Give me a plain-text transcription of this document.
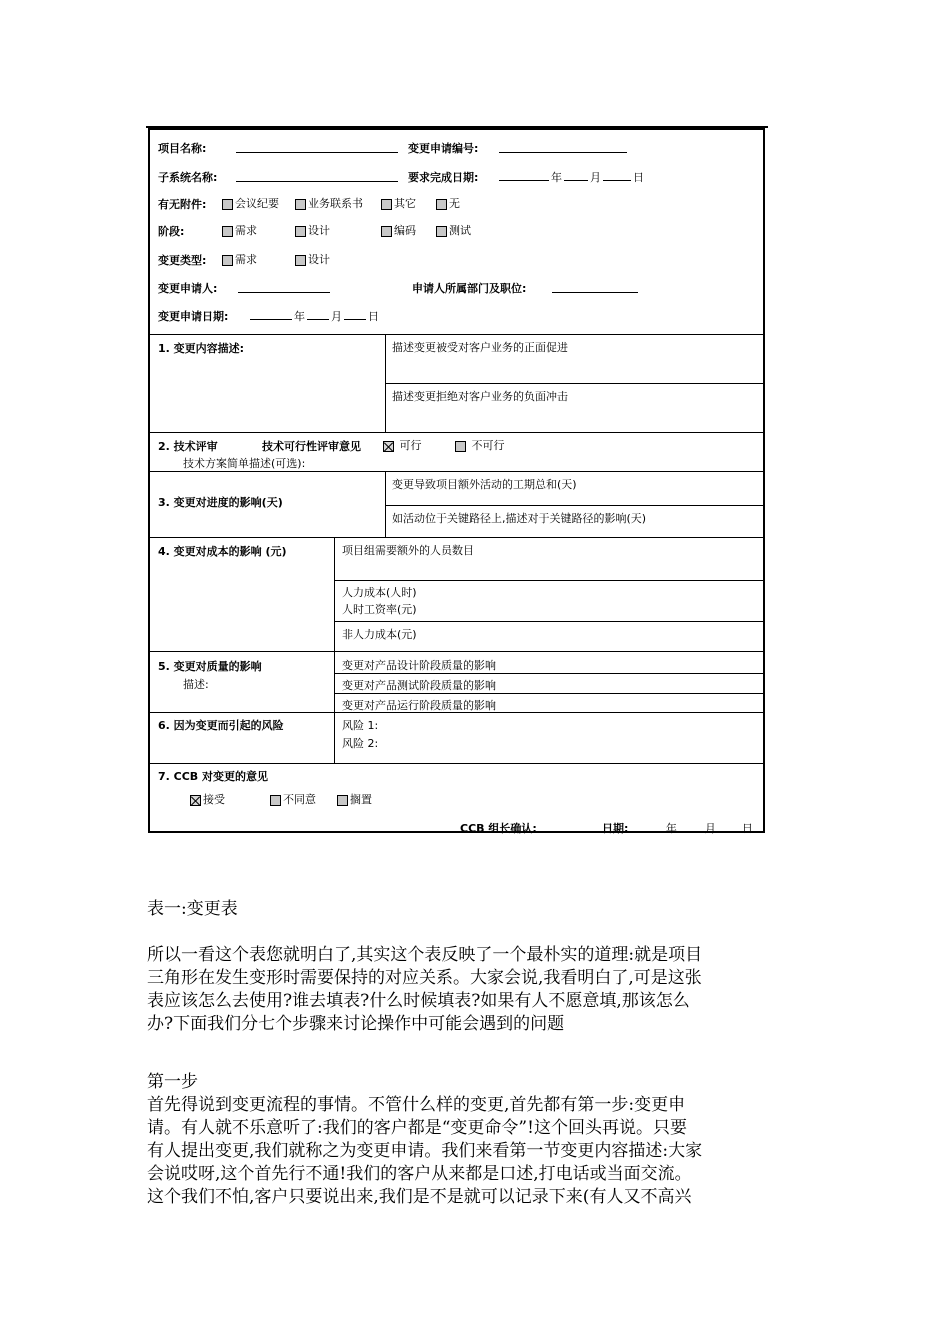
项目名称:	变更申请编号:
子系统名称:	要求完成日期:	年	月	日
有无附件:	会议纪要	业务联系书	其它	无
阶段:	需求	设计	编码	测试
变更类型:	需求	设计
变更申请人:	申请人所属部门及职位:
变更申请日期:	年 月 日
1. 变更内容描述:	描述变更被受对客户业务的正面促进
描述变更拒绝对客户业务的负面冲击
2. 技术评审	技术可行性评审意见	可行	不可行
技术方案简单描述(可选):
3. 变更对进度的影响(天)
变更导致项目额外活动的工期总和(天)
如活动位于关键路径上,描述对于关键路径的影响(天)
4. 变更对成本的影响 (元)	项目组需要额外的人员数目
人力成本(人时)
人时工资率(元)
非人力成本(元)
5. 变更对质量的影响
描述:
变更对产品设计阶段质量的影响
变更对产品测试阶段质量的影响
变更对产品运行阶段质量的影响
6. 因为变更而引起的风险	风险 1:
风险 2:
7. CCB 对变更的意见
接受	不同意	搁置
CCB 组长确认:	日期:	年	月 日
表一:变更表
所以一看这个表您就明白了,其实这个表反映了一个最朴实的道理:就是项目
三角形在发生变形时需要保持的对应关系。大家会说,我看明白了,可是这张
表应该怎么去使用?谁去填表?什么时候填表?如果有人不愿意填,那该怎么
办?下面我们分七个步骤来讨论操作中可能会遇到的问题
第一步
首先得说到变更流程的事情。不管什么样的变更,首先都有第一步:变更申
请。有人就不乐意听了:我们的客户都是“变更命令”!这个回头再说。只要
有人提出变更,我们就称之为变更申请。我们来看第一节变更内容描述:大家
会说哎呀,这个首先行不通!我们的客户从来都是口述,打电话或当面交流。
这个我们不怕,客户只要说出来,我们是不是就可以记录下来(有人又不高兴
